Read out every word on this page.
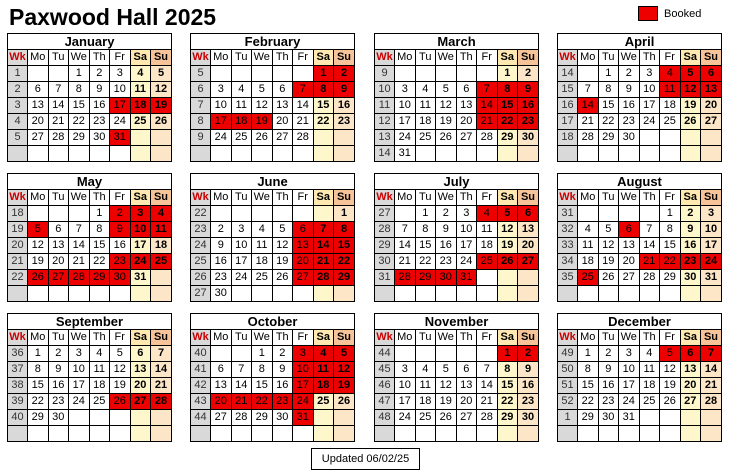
Paxwood Hall 2025	Booked
January
Wk	Mo	Tu	We	Th	Fr	Sa	Su
1			1	2	3	4	5
2	6	7	8	9	10	11	12
3	13	14	15	16	17	18	19
4	20	21	22	23	24	25	26
5	27	28	29	30	31		

February
Wk	Mo	Tu	We	Th	Fr	Sa	Su
5						1	2
6	3	4	5	6	7	8	9
7	10	11	12	13	14	15	16
8	17	18	19	20	21	22	23
9	24	25	26	27	28		

March
Wk	Mo	Tu	We	Th	Fr	Sa	Su
9						1	2
10	3	4	5	6	7	8	9
11	10	11	12	13	14	15	16
12	17	18	19	20	21	22	23
13	24	25	26	27	28	29	30
14	31						
April
Wk	Mo	Tu	We	Th	Fr	Sa	Su
14		1	2	3	4	5	6
15	7	8	9	10	11	12	13
16	14	15	16	17	18	19	20
17	21	22	23	24	25	26	27
18	28	29	30				

May
Wk	Mo	Tu	We	Th	Fr	Sa	Su
18				1	2	3	4
19	5	6	7	8	9	10	11
20	12	13	14	15	16	17	18
21	19	20	21	22	23	24	25
22	26	27	28	29	30	31	

June
Wk	Mo	Tu	We	Th	Fr	Sa	Su
22							1
23	2	3	4	5	6	7	8
24	9	10	11	12	13	14	15
25	16	17	18	19	20	21	22
26	23	24	25	26	27	28	29
27	30						
July
Wk	Mo	Tu	We	Th	Fr	Sa	Su
27		1	2	3	4	5	6
28	7	8	9	10	11	12	13
29	14	15	16	17	18	19	20
30	21	22	23	24	25	26	27
31	28	29	30	31			

August
Wk	Mo	Tu	We	Th	Fr	Sa	Su
31					1	2	3
32	4	5	6	7	8	9	10
33	11	12	13	14	15	16	17
34	18	19	20	21	22	23	24
35	25	26	27	28	29	30	31

September
Wk	Mo	Tu	We	Th	Fr	Sa	Su
36	1	2	3	4	5	6	7
37	8	9	10	11	12	13	14
38	15	16	17	18	19	20	21
39	22	23	24	25	26	27	28
40	29	30					

October
Wk	Mo	Tu	We	Th	Fr	Sa	Su
40			1	2	3	4	5
41	6	7	8	9	10	11	12
42	13	14	15	16	17	18	19
43	20	21	22	23	24	25	26
44	27	28	29	30	31		

November
Wk	Mo	Tu	We	Th	Fr	Sa	Su
44						1	2
45	3	4	5	6	7	8	9
46	10	11	12	13	14	15	16
47	17	18	19	20	21	22	23
48	24	25	26	27	28	29	30

December
Wk	Mo	Tu	We	Th	Fr	Sa	Su
49	1	2	3	4	5	6	7
50	8	9	10	11	12	13	14
51	15	16	17	18	19	20	21
52	22	23	24	25	26	27	28
1	29	30	31				

Updated 06/02/25
